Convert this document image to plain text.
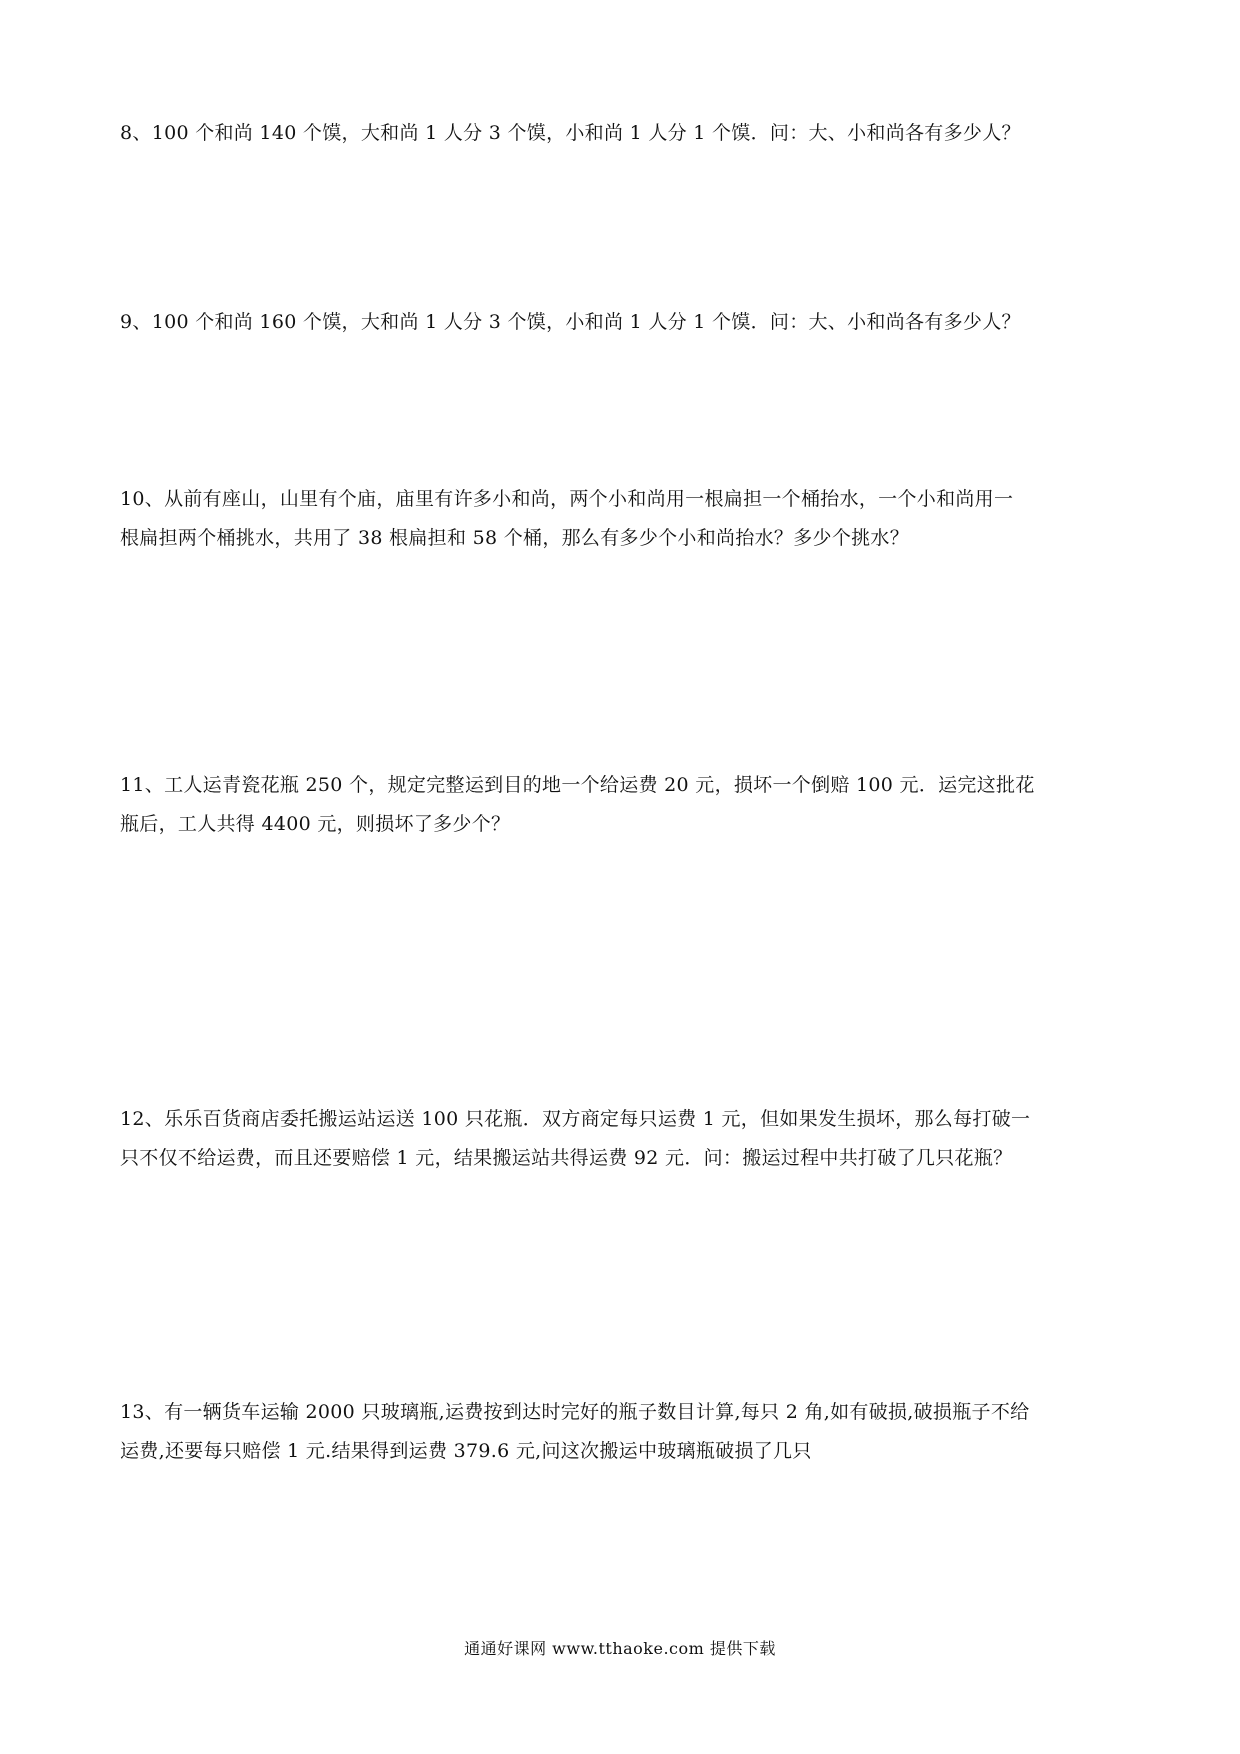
8、100 个和尚 140 个馍，大和尚 1 人分 3 个馍，小和尚 1 人分 1 个馍．问：大、小和尚各有多少人？
9、100 个和尚 160 个馍，大和尚 1 人分 3 个馍，小和尚 1 人分 1 个馍．问：大、小和尚各有多少人？
10、从前有座山，山里有个庙，庙里有许多小和尚，两个小和尚用一根扁担一个桶抬水，一个小和尚用一
根扁担两个桶挑水，共用了 38 根扁担和 58 个桶，那么有多少个小和尚抬水？多少个挑水？
11、工人运青瓷花瓶 250 个，规定完整运到目的地一个给运费 20 元，损坏一个倒赔 100 元．运完这批花
瓶后，工人共得 4400 元，则损坏了多少个？
12、乐乐百货商店委托搬运站运送 100 只花瓶．双方商定每只运费 1 元，但如果发生损坏，那么每打破一
只不仅不给运费，而且还要赔偿 1 元，结果搬运站共得运费 92 元．问：搬运过程中共打破了几只花瓶？
13、有一辆货车运输 2000 只玻璃瓶,运费按到达时完好的瓶子数目计算,每只 2 角,如有破损,破损瓶子不给
运费,还要每只赔偿 1 元.结果得到运费 379.6 元,问这次搬运中玻璃瓶破损了几只
通通好课网 www.tthaoke.com 提供下载
